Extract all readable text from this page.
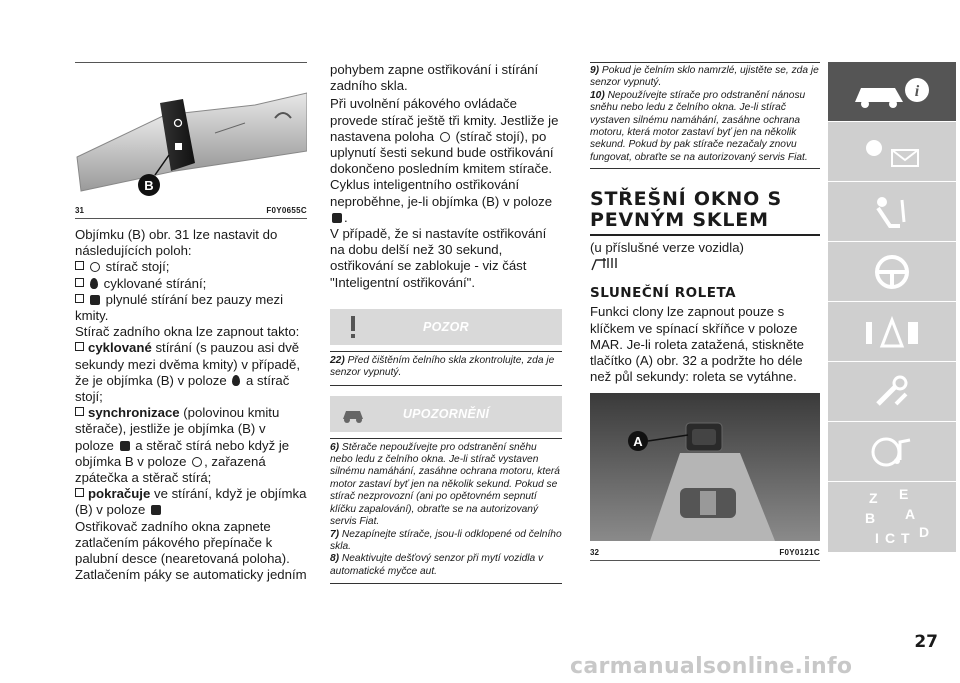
B
31	F0Y0655C

Objímku (B) obr. 31 lze nastavit do následujících poloh:

stírač stojí;

cyklované stírání;

plynulé stírání bez pauzy mezi kmity.

Stírač zadního okna lze zapnout takto:

cyklované stírání (s pauzou asi dvě sekundy mezi dvěma kmity) v případě, že je objímka (B) v poloze  a stírač stojí;

synchronizace (polovinou kmitu stěrače), jestliže je objímka (B) v poloze  a stěrač stírá nebo když je objímka B v poloze , zařazená zpátečka a stěrač stírá;

pokračuje ve stírání, když je objímka (B) v poloze

Ostřikovač zadního okna zapnete zatlačením pákového přepínače k palubní desce (nearetovaná poloha). Zatlačením páky se automaticky jedním

pohybem zapne ostřikování i stírání zadního skla.

Při uvolnění pákového ovládače provede stírač ještě tři kmity. Jestliže je nastavena poloha  (stírač stojí), po uplynutí šesti sekund bude ostřikování dokončeno posledním kmitem stírače. Cyklus inteligentního ostřikování neproběhne, je-li objímka (B) v poloze .

V případě, že si nastavíte ostřikování na dobu delší než 30 sekund, ostřikování se zablokuje - viz část "Inteligentní ostřikování".

POZOR

22) Před čištěním čelního skla zkontrolujte, zda je senzor vypnutý.

UPOZORNĚNÍ

6) Stěrače nepoužívejte pro odstranění sněhu nebo ledu z čelního okna. Je-li stírač vystaven silnému namáhání, zasáhne ochrana motoru, která motor zastaví byť jen na několik sekund. Pokud se stírač nezprovozní (ani po opětovném sepnutí klíčku zapalování), obraťte se na autorizovaný servis Fiat.

7) Nezapínejte stírače, jsou-li odklopené od čelního skla.

8) Neaktivujte dešťový senzor při mytí vozidla v automatické myčce aut.

9) Pokud je čelním sklo namrzlé, ujistěte se, zda je senzor vypnutý.

10) Nepoužívejte stírače pro odstranění nánosu sněhu nebo ledu z čelního okna. Je-li stírač vystaven silnému namáhání, zasáhne ochrana motoru, která motor zastaví byť jen na několik sekund. Pokud by pak stírače nezačaly znovu fungovat, obraťte se na autorizovaný servis Fiat.

STŘEŠNÍ OKNO S PEVNÝM SKLEM

(u příslušné verze vozidla)

SLUNEČNÍ ROLETA

Funkci clony lze zapnout pouze s klíčkem ve spínací skříňce v poloze MAR. Je-li roleta zatažená, stiskněte tlačítko (A) obr. 32 a podržte ho déle než půl sekundy: roleta se vytáhne.

A
32	F0Y0121C
i
Z E
B A
I C T D
27
carmanualsonline.info
